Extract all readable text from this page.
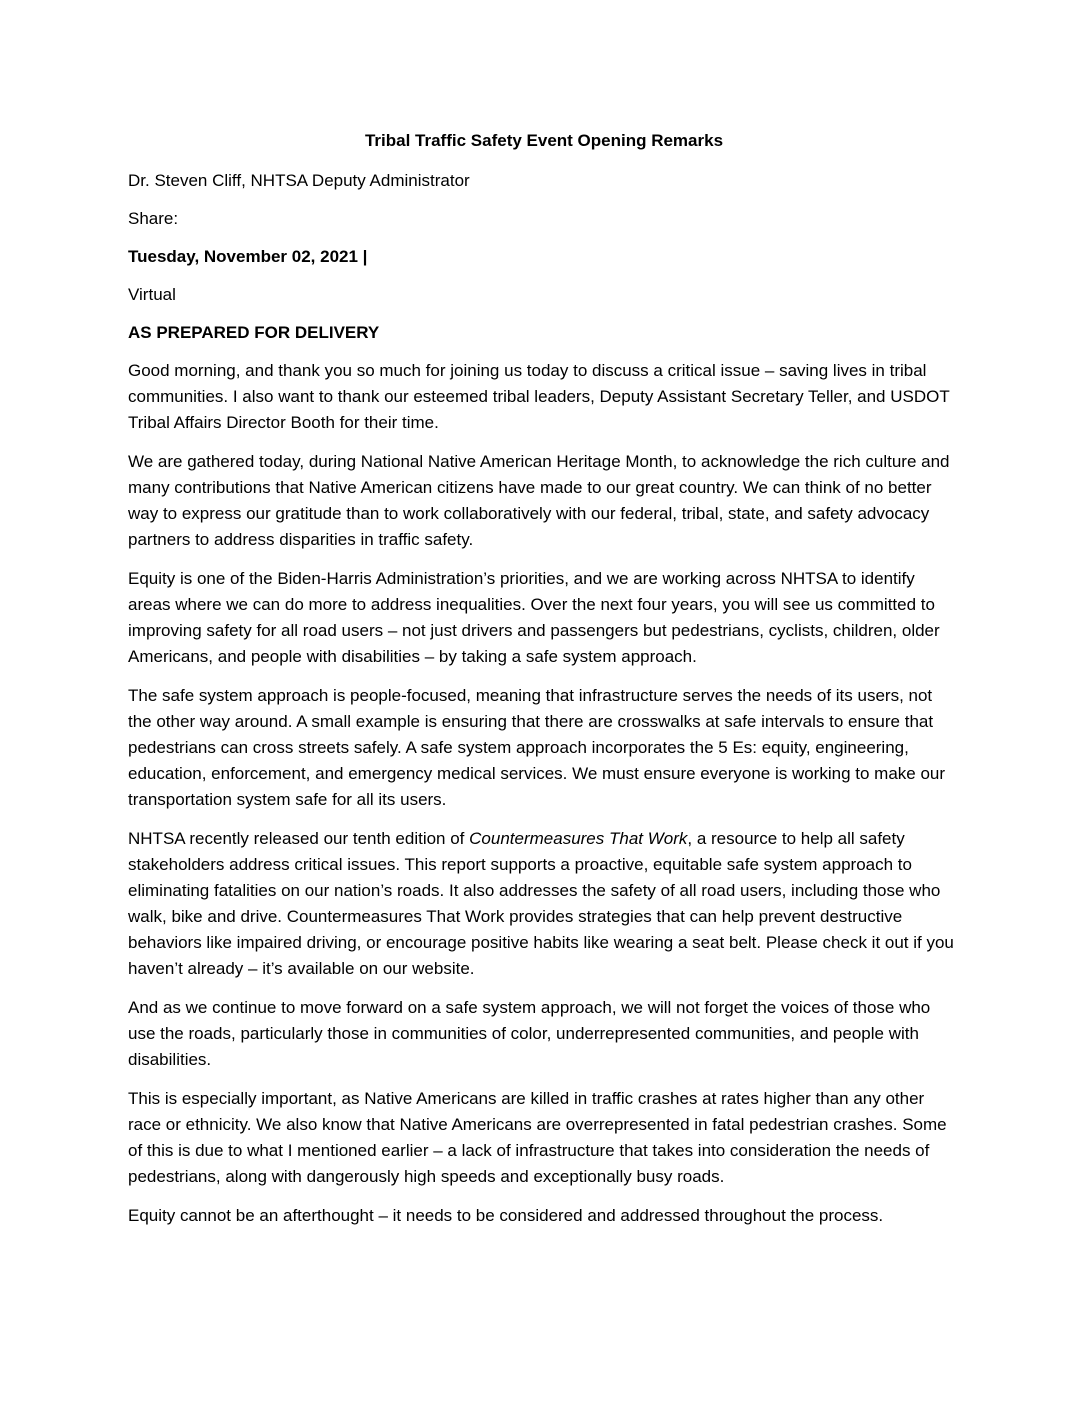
Tribal Traffic Safety Event Opening Remarks
Dr. Steven Cliff, NHTSA Deputy Administrator
Share:
Tuesday, November 02, 2021 |
Virtual
AS PREPARED FOR DELIVERY

Good morning, and thank you so much for joining us today to discuss a critical issue – saving lives in tribal communities. I also want to thank our esteemed tribal leaders, Deputy Assistant Secretary Teller, and USDOT Tribal Affairs Director Booth for their time.

We are gathered today, during National Native American Heritage Month, to acknowledge the rich culture and many contributions that Native American citizens have made to our great country. We can think of no better way to express our gratitude than to work collaboratively with our federal, tribal, state, and safety advocacy partners to address disparities in traffic safety.

Equity is one of the Biden-Harris Administration’s priorities, and we are working across NHTSA to identify areas where we can do more to address inequalities. Over the next four years, you will see us committed to improving safety for all road users – not just drivers and passengers but pedestrians, cyclists, children, older Americans, and people with disabilities – by taking a safe system approach.

The safe system approach is people-focused, meaning that infrastructure serves the needs of its users, not the other way around. A small example is ensuring that there are crosswalks at safe intervals to ensure that pedestrians can cross streets safely. A safe system approach incorporates the 5 Es: equity, engineering, education, enforcement, and emergency medical services. We must ensure everyone is working to make our transportation system safe for all its users.

NHTSA recently released our tenth edition of Countermeasures That Work, a resource to help all safety stakeholders address critical issues. This report supports a proactive, equitable safe system approach to eliminating fatalities on our nation’s roads. It also addresses the safety of all road users, including those who walk, bike and drive. Countermeasures That Work provides strategies that can help prevent destructive behaviors like impaired driving, or encourage positive habits like wearing a seat belt. Please check it out if you haven’t already – it’s available on our website.

And as we continue to move forward on a safe system approach, we will not forget the voices of those who use the roads, particularly those in communities of color, underrepresented communities, and people with disabilities.

This is especially important, as Native Americans are killed in traffic crashes at rates higher than any other race or ethnicity. We also know that Native Americans are overrepresented in fatal pedestrian crashes. Some of this is due to what I mentioned earlier – a lack of infrastructure that takes into consideration the needs of pedestrians, along with dangerously high speeds and exceptionally busy roads.

Equity cannot be an afterthought – it needs to be considered and addressed throughout the process.
